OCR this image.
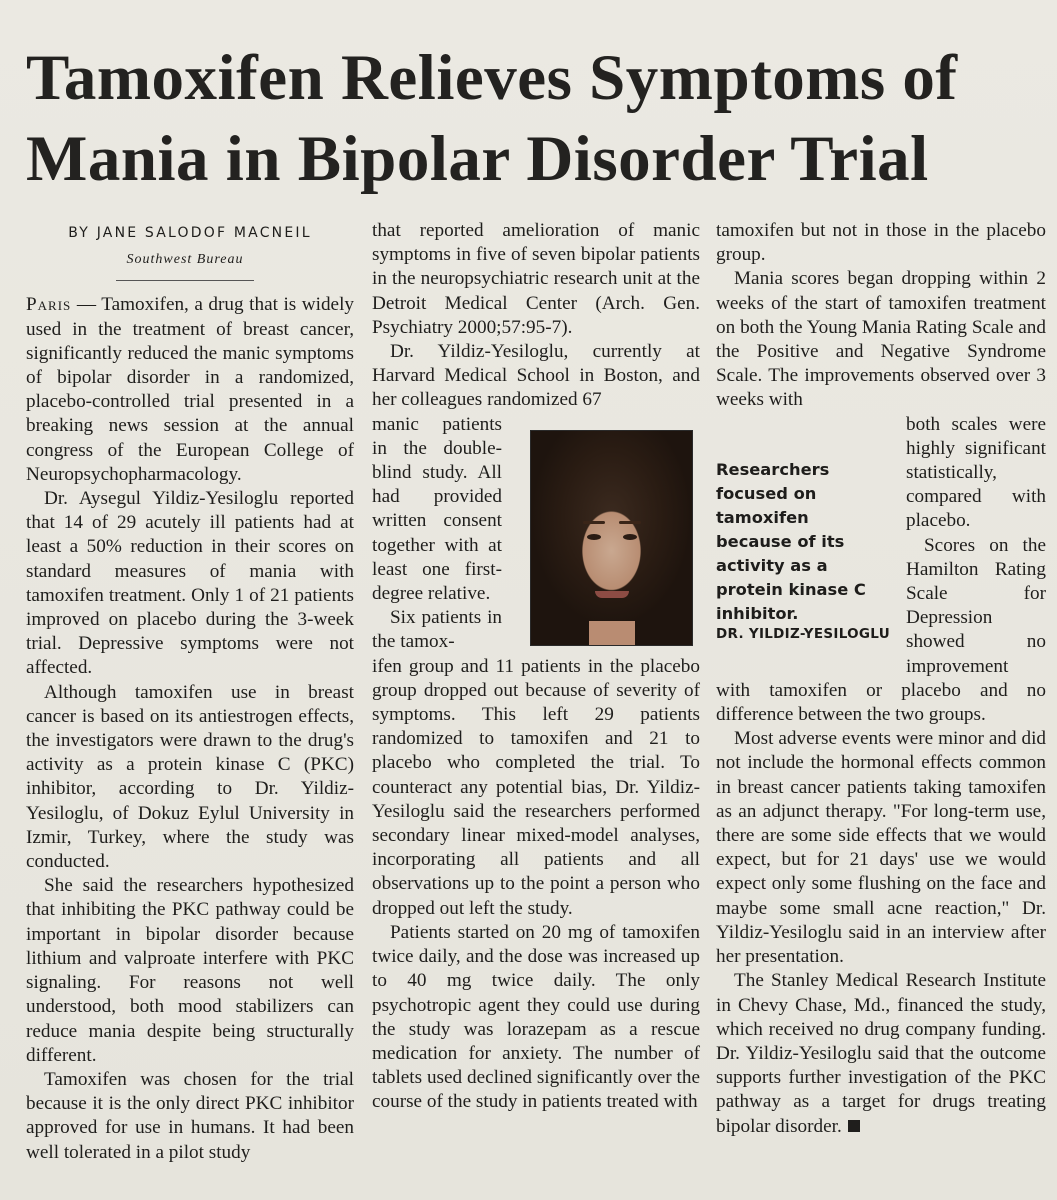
Tamoxifen Relieves Symptoms of
Mania in Bipolar Disorder Trial
BY JANE SALODOF MACNEIL
Southwest Bureau

Paris — Tamoxifen, a drug that is widely used in the treatment of breast cancer, significantly reduced the manic symptoms of bipolar disorder in a randomized, placebo-controlled trial presented in a breaking news session at the annual congress of the European College of Neuropsychopharmacology.

Dr. Aysegul Yildiz-Yesiloglu reported that 14 of 29 acutely ill patients had at least a 50% reduction in their scores on standard measures of mania with tamoxifen treatment. Only 1 of 21 patients improved on placebo during the 3-week trial. Depressive symptoms were not affected.

Although tamoxifen use in breast cancer is based on its antiestrogen effects, the investigators were drawn to the drug's activity as a protein kinase C (PKC) inhibitor, according to Dr. Yildiz-Yesiloglu, of Dokuz Eylul University in Izmir, Turkey, where the study was conducted.

She said the researchers hypothesized that inhibiting the PKC pathway could be important in bipolar disorder because lithium and valproate interfere with PKC signaling. For reasons not well understood, both mood stabilizers can reduce mania despite being structurally different.

Tamoxifen was chosen for the trial because it is the only direct PKC inhibitor approved for use in humans. It had been well tolerated in a pilot study

that reported amelioration of manic symptoms in five of seven bipolar patients in the neuropsychiatric research unit at the Detroit Medical Center (Arch. Gen. Psychiatry 2000;57:95-7).

Dr. Yildiz-Yesiloglu, currently at Harvard Medical School in Boston, and her colleagues randomized 67

manic patients in the double-blind study. All had provided written consent together with at least one first-degree relative.

Six patients in the tamox-

ifen group and 11 patients in the placebo group dropped out because of severity of symptoms. This left 29 patients randomized to tamoxifen and 21 to placebo who completed the trial. To counteract any potential bias, Dr. Yildiz-Yesiloglu said the researchers performed secondary linear mixed-model analyses, incorporating all patients and all observations up to the point a person who dropped out left the study.

Patients started on 20 mg of tamoxifen twice daily, and the dose was increased up to 40 mg twice daily. The only psychotropic agent they could use during the study was lorazepam as a rescue medication for anxiety. The number of tablets used declined significantly over the course of the study in patients treated with

tamoxifen but not in those in the placebo group.

Mania scores began dropping within 2 weeks of the start of tamoxifen treatment on both the Young Mania Rating Scale and the Positive and Negative Syndrome Scale. The improvements observed over 3 weeks with

both scales were highly significant statistically, compared with placebo.

Scores on the Hamilton Rating Scale for Depression showed no improvement

with tamoxifen or placebo and no difference between the two groups.

Most adverse events were minor and did not include the hormonal effects common in breast cancer patients taking tamoxifen as an adjunct therapy. "For long-term use, there are some side effects that we would expect, but for 21 days' use we would expect only some flushing on the face and maybe some small acne reaction," Dr. Yildiz-Yesiloglu said in an interview after her presentation.

The Stanley Medical Research Institute in Chevy Chase, Md., financed the study, which received no drug company funding. Dr. Yildiz-Yesiloglu said that the outcome supports further investigation of the PKC pathway as a target for drugs treating bipolar disorder.

Researchers focused on tamoxifen because of its activity as a protein kinase C inhibitor.
DR. YILDIZ-YESILOGLU
